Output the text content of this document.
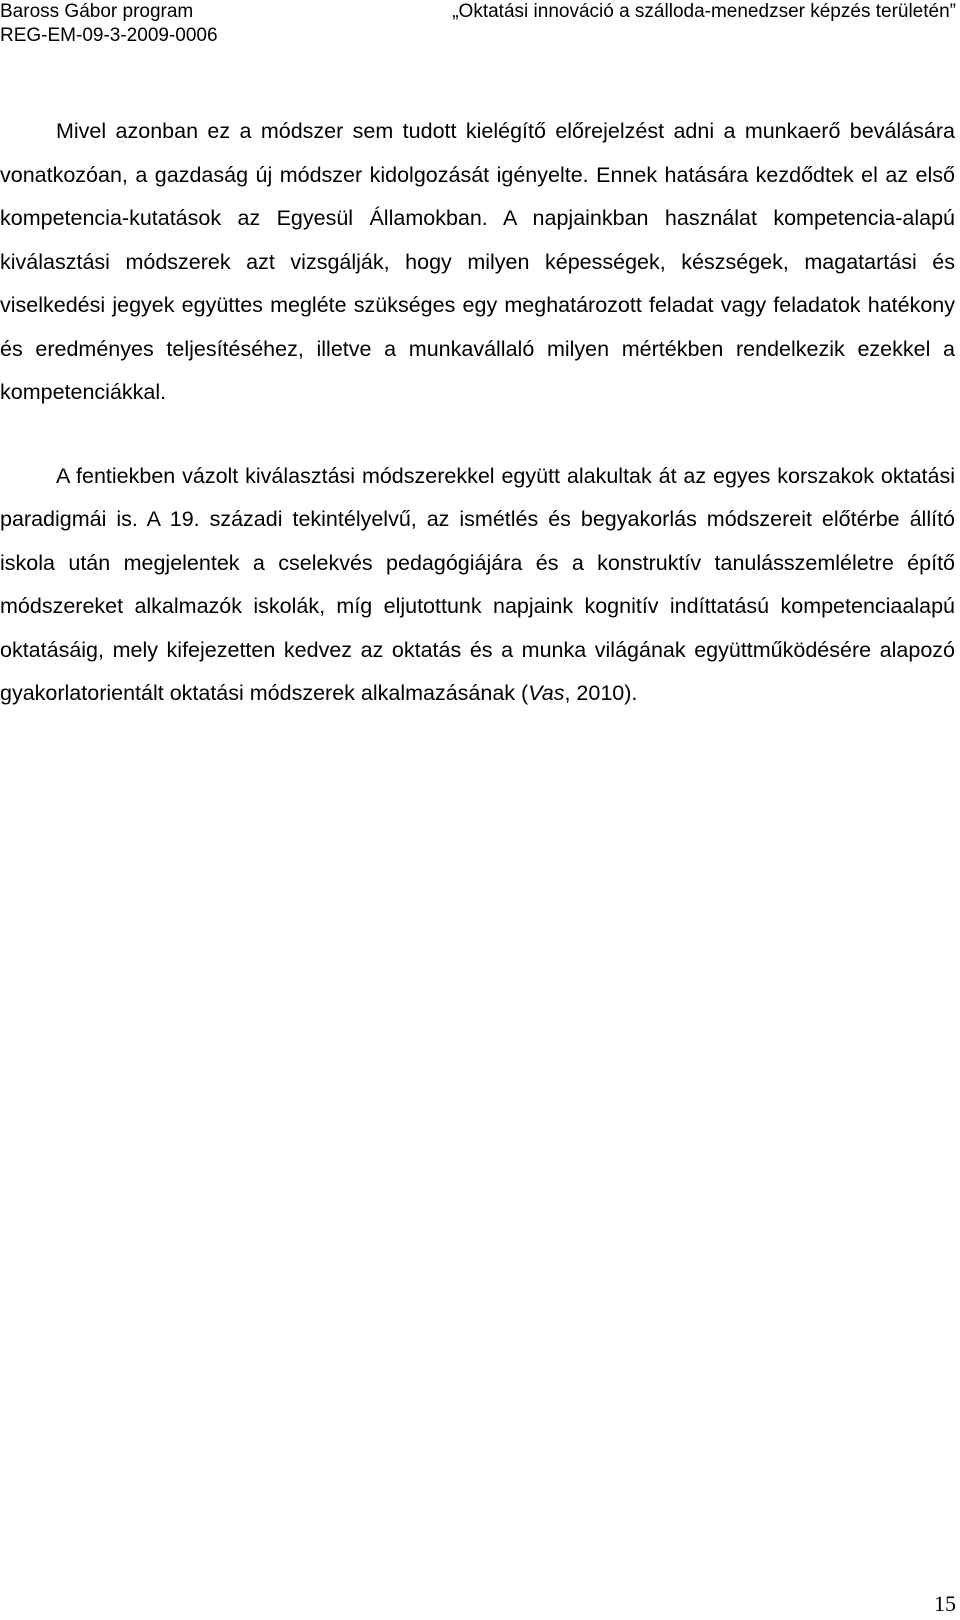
Baross Gábor program
REG-EM-09-3-2009-0006
„Oktatási innováció a szálloda-menedzser képzés területén”

Mivel azonban ez a módszer sem tudott kielégítő előrejelzést adni a munkaerő beválására vonatkozóan, a gazdaság új módszer kidolgozását igényelte. Ennek hatására kezdődtek el az első kompetencia-kutatások az Egyesül Államokban. A napjainkban használat kompetencia-alapú kiválasztási módszerek azt vizsgálják, hogy milyen képességek, készségek, magatartási és viselkedési jegyek együttes megléte szükséges egy meghatározott feladat vagy feladatok hatékony és eredményes teljesítéséhez, illetve a munkavállaló milyen mértékben rendelkezik ezekkel a kompetenciákkal.

A fentiekben vázolt kiválasztási módszerekkel együtt alakultak át az egyes korszakok oktatási paradigmái is. A 19. századi tekintélyelvű, az ismétlés és begyakorlás módszereit előtérbe állító iskola után megjelentek a cselekvés pedagógiájára és a konstruktív tanulásszemléletre építő módszereket alkalmazók iskolák, míg eljutottunk napjaink kognitív indíttatású kompetenciaalapú oktatásáig, mely kifejezetten kedvez az oktatás és a munka világának együttműködésére alapozó gyakorlatorientált oktatási módszerek alkalmazásának (Vas, 2010).

15
